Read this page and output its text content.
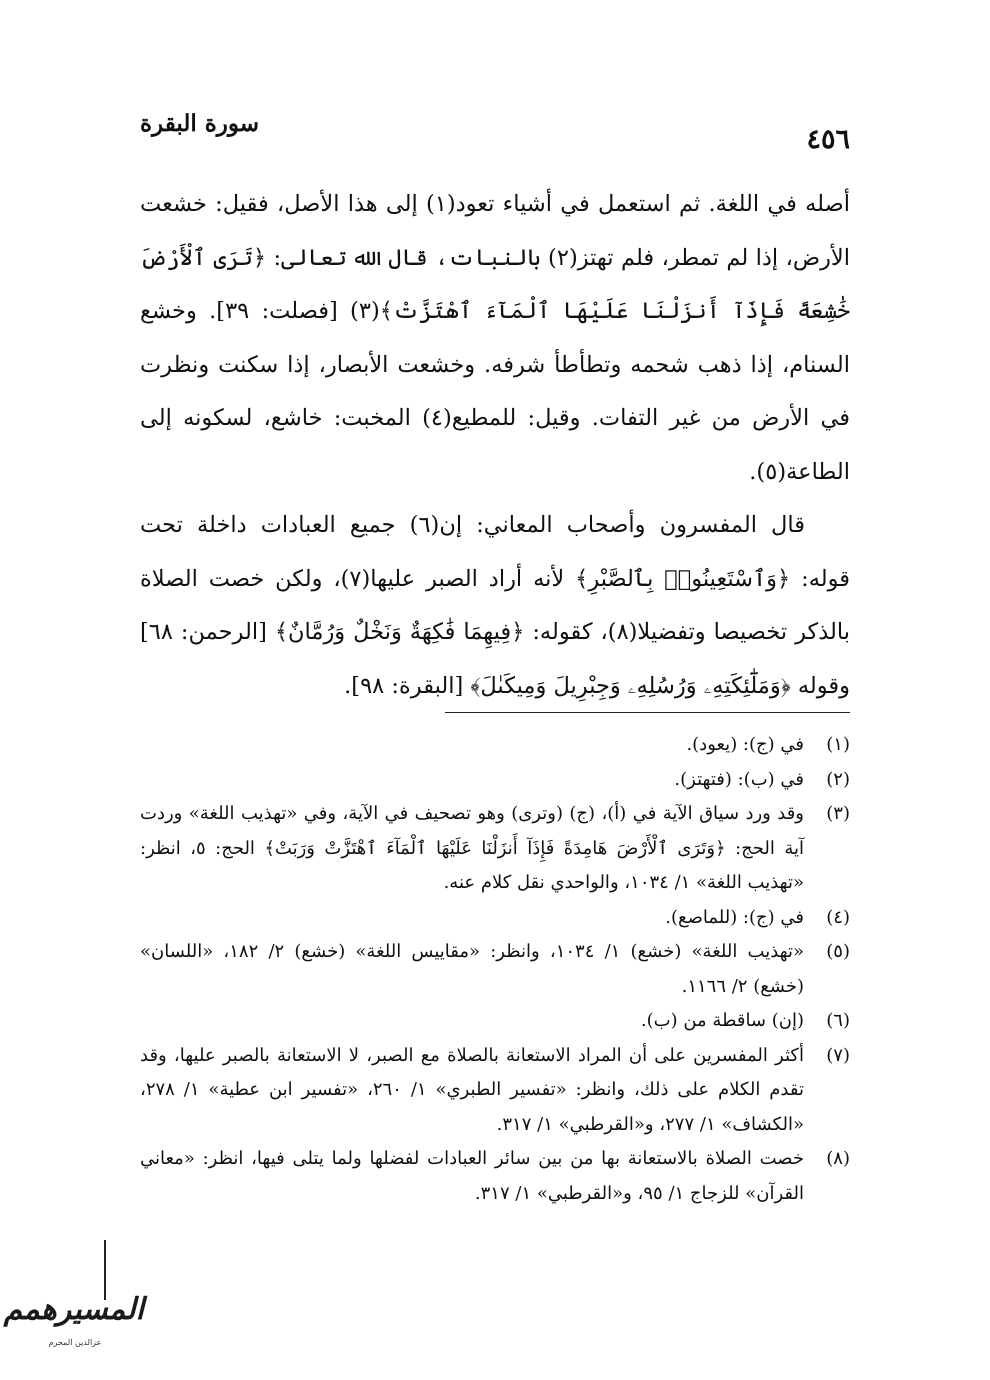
٤٥٦
سورة البقرة

أصله في اللغة. ثم استعمل في أشياء تعود(١) إلى هذا الأصل، فقيل: خشعت الأرض، إذا لم تمطر، فلم تهتز(٢) بالنبات، قال الله تعالى: ﴿تَرَى ٱلْأَرْضَ خَٰشِعَةً فَإِذَآ أَنزَلْنَا عَلَيْهَا ٱلْمَآءَ ٱهْتَزَّتْ﴾(٣) [فصلت: ٣٩]. وخشع السنام، إذا ذهب شحمه وتطأطأ شرفه. وخشعت الأبصار، إذا سكنت ونظرت في الأرض من غير التفات. وقيل: للمطيع(٤) المخبت: خاشع، لسكونه إلى الطاعة(٥).

قال المفسرون وأصحاب المعاني: إن(٦) جميع العبادات داخلة تحت قوله: ﴿وَٱسْتَعِينُوا۟ بِٱلصَّبْرِ﴾ لأنه أراد الصبر عليها(٧)، ولكن خصت الصلاة بالذكر تخصيصا وتفضيلا(٨)، كقوله: ﴿فِيهِمَا فَٰكِهَةٌ وَنَخْلٌ وَرُمَّانٌ﴾ [الرحمن: ٦٨] وقوله ﴿وَمَلَٰٓئِكَتِهِۦ وَرُسُلِهِۦ وَجِبْرِيلَ وَمِيكَىٰلَ﴾ [البقرة: ٩٨].

(١)
في (ج): (يعود).
(٢)
في (ب): (فتهتز).
(٣)
وقد ورد سياق الآية في (أ)، (ج) (وترى) وهو تصحيف في الآية، وفي «تهذيب اللغة» وردت آية الحج: ﴿وَتَرَى ٱلْأَرْضَ هَامِدَةً فَإِذَآ أَنزَلْنَا عَلَيْهَا ٱلْمَآءَ ٱهْتَزَّتْ وَرَبَتْ﴾ الحج: ٥، انظر: «تهذيب اللغة» ١/ ١٠٣٤، والواحدي نقل كلام عنه.
(٤)
في (ج): (للماصع).
(٥)
«تهذيب اللغة» (خشع) ١/ ١٠٣٤، وانظر: «مقاييس اللغة» (خشع) ٢/ ١٨٢، «اللسان» (خشع) ٢/ ١١٦٦.
(٦)
(إن) ساقطة من (ب).
(٧)
أكثر المفسرين على أن المراد الاستعانة بالصلاة مع الصبر، لا الاستعانة بالصبر عليها، وقد تقدم الكلام على ذلك، وانظر: «تفسير الطبري» ١/ ٢٦٠، «تفسير ابن عطية» ١/ ٢٧٨، «الكشاف» ١/ ٢٧٧، و«القرطبي» ١/ ٣١٧.
(٨)
خصت الصلاة بالاستعانة بها من بين سائر العبادات لفضلها ولما يتلى فيها، انظر: «معاني القرآن» للزجاج ١/ ٩٥، و«القرطبي» ١/ ٣١٧.
المسيرهمم
عزالدين المحرم
